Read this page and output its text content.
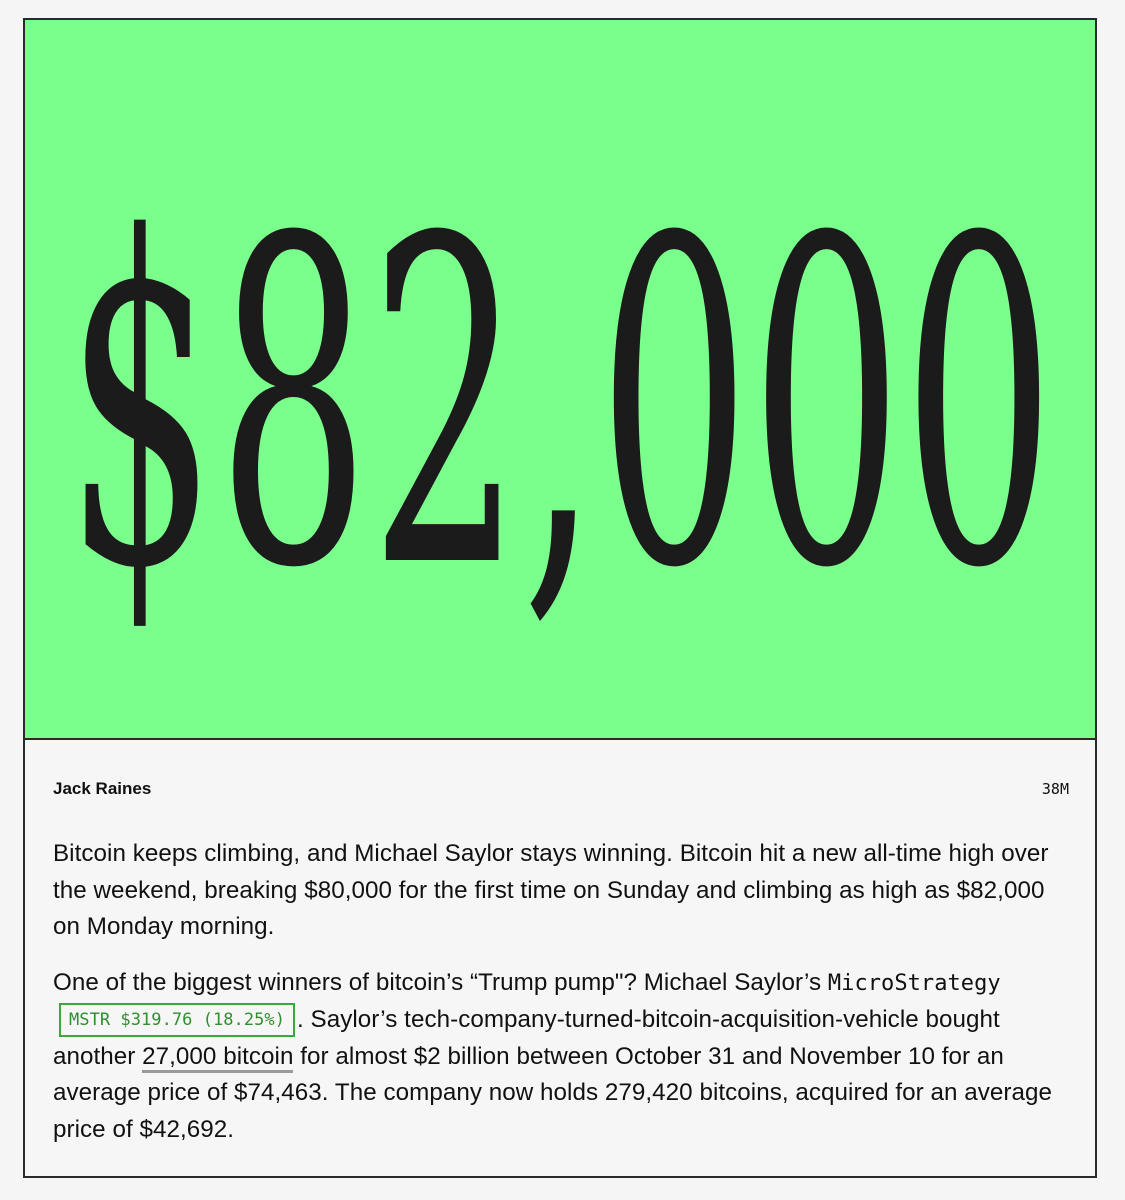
$82,000
Jack Raines	38M

Bitcoin keeps climbing, and Michael Saylor stays winning. Bitcoin hit a new all-time high over the weekend, breaking $80,000 for the first time on Sunday and climbing as high as $82,000 on Monday morning.

One of the biggest winners of bitcoin’s “Trump pump"? Michael Saylor’s MicroStrategyMSTR $319.76 (18.25%) . Saylor’s tech-company-turned-bitcoin-acquisition-vehicle bought another 27,000 bitcoin for almost $2 billion between October 31 and November 10 for an average price of $74,463. The company now holds 279,420 bitcoins, acquired for an average price of $42,692.
